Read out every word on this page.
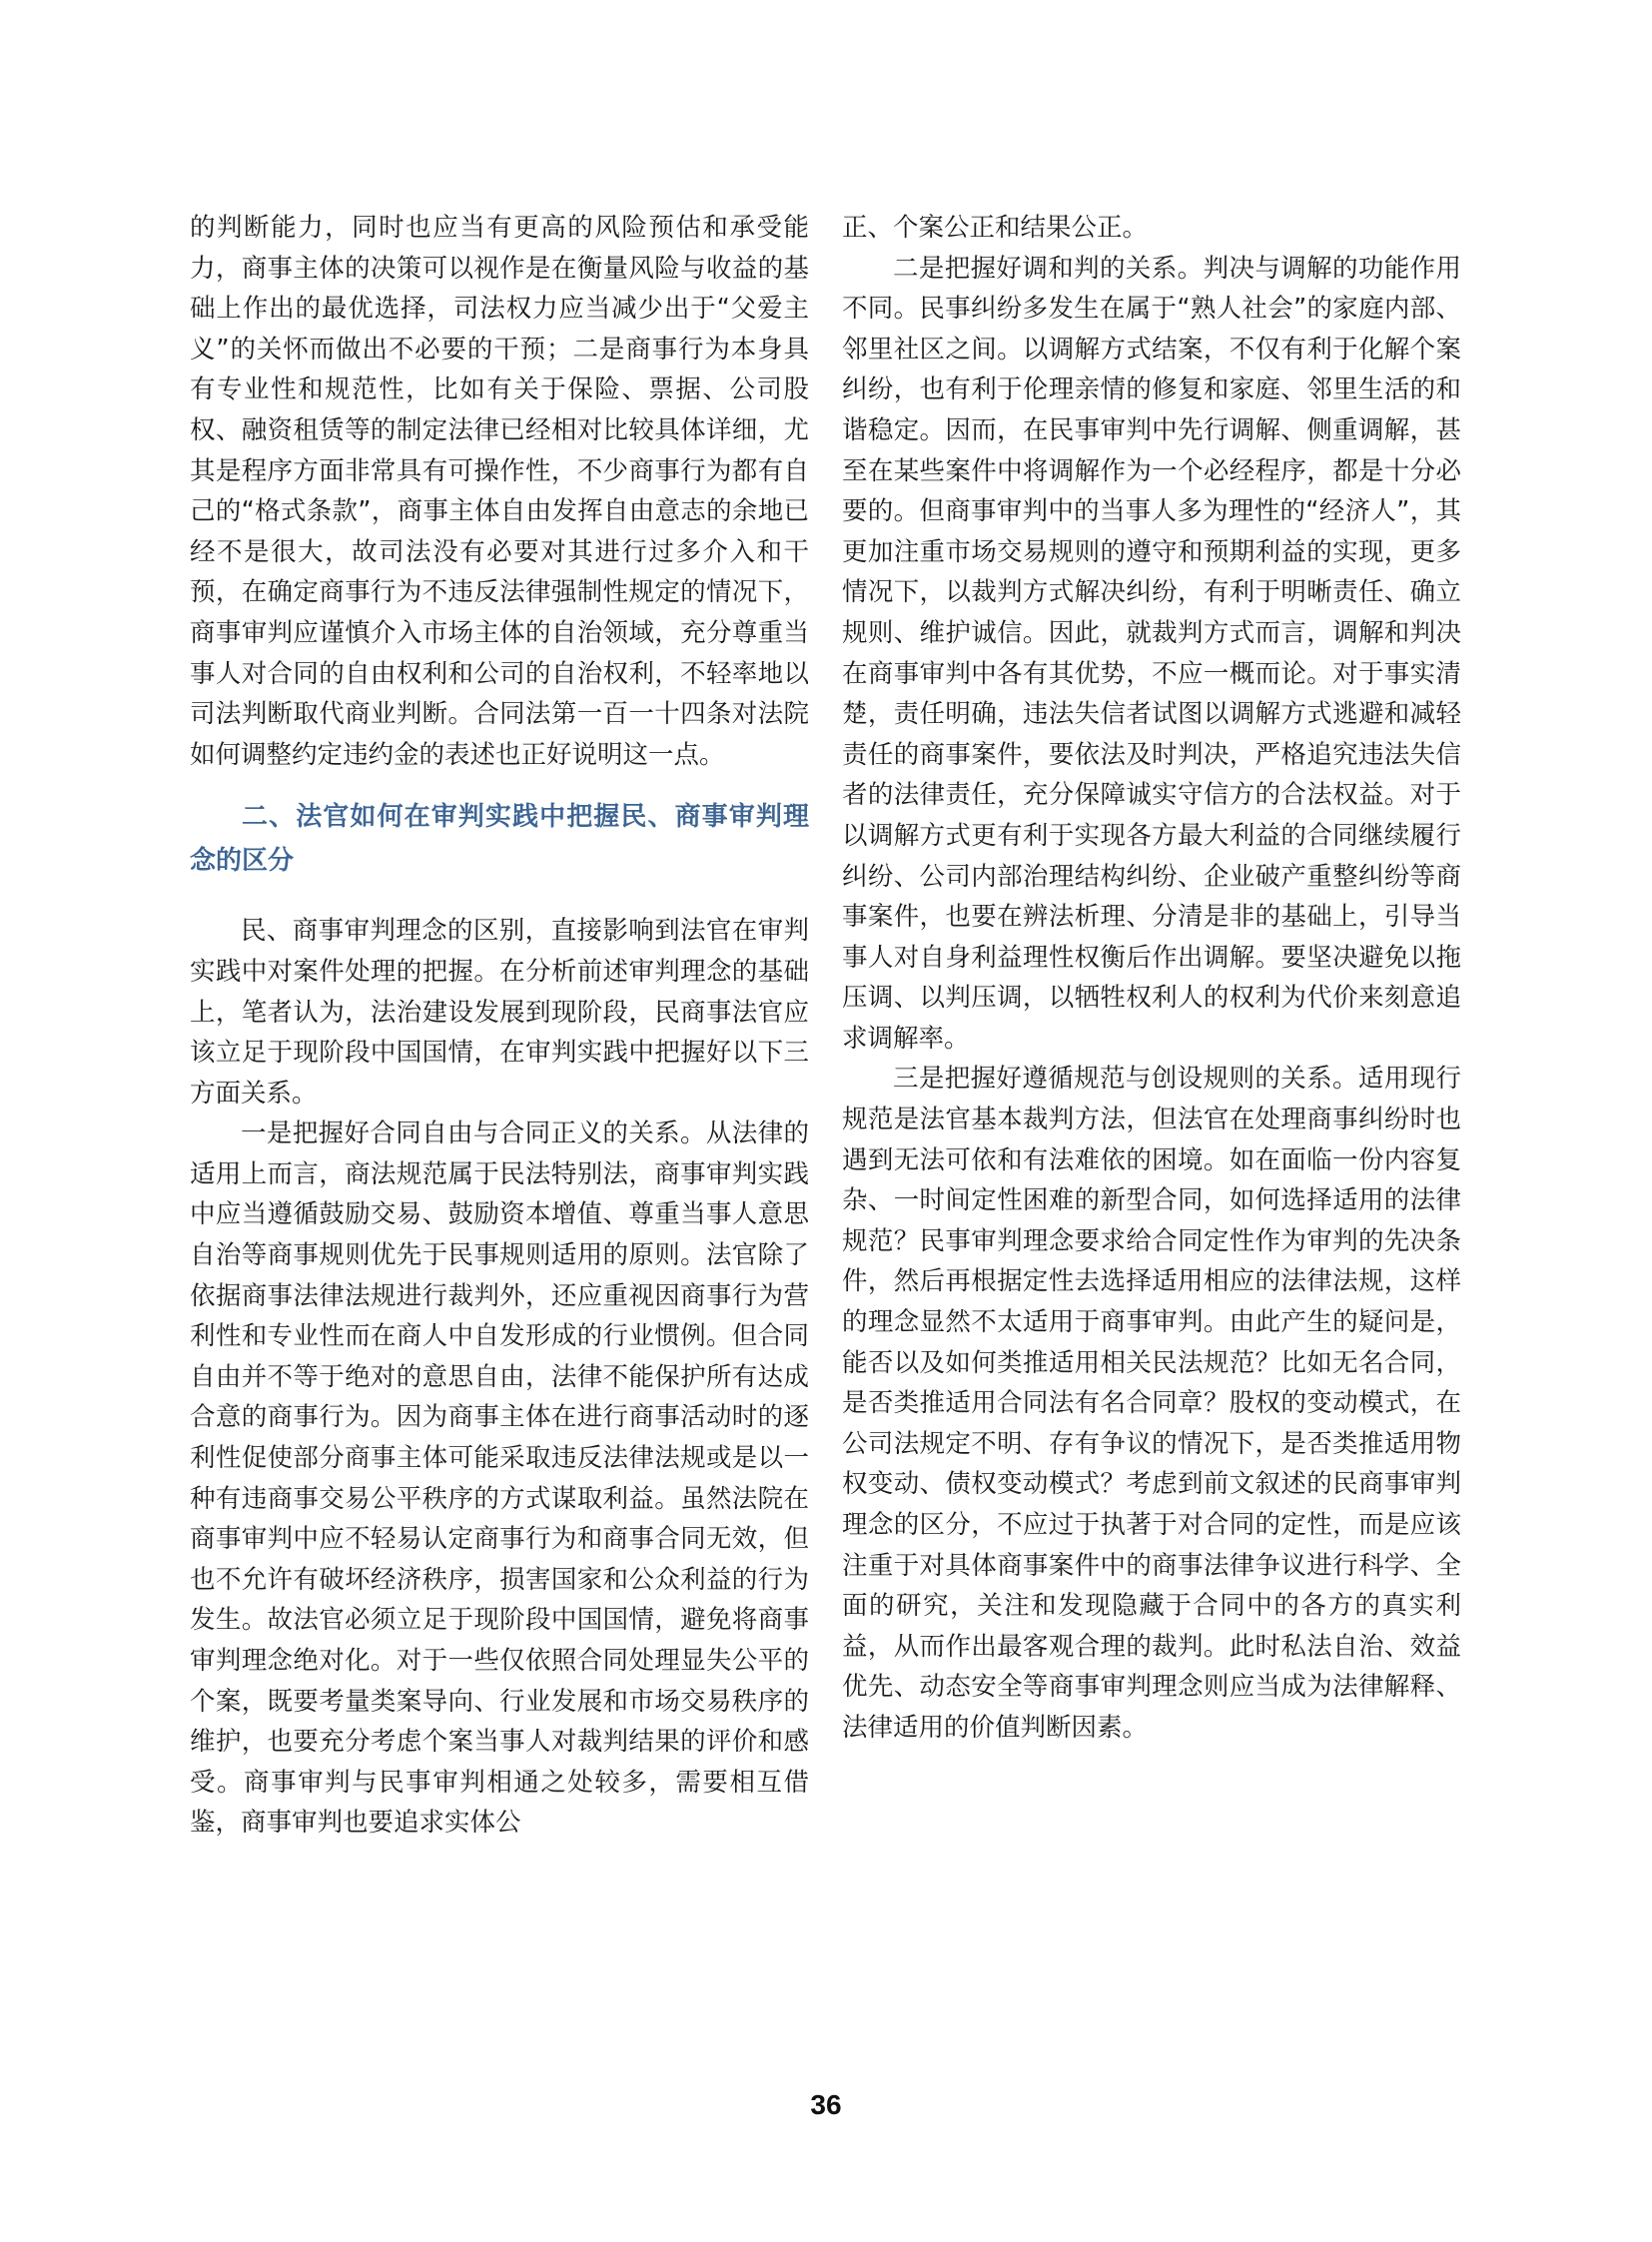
的判断能力，同时也应当有更高的风险预估和承受能力，商事主体的决策可以视作是在衡量风险与收益的基础上作出的最优选择，司法权力应当减少出于“父爱主义”的关怀而做出不必要的干预；二是商事行为本身具有专业性和规范性，比如有关于保险、票据、公司股权、融资租赁等的制定法律已经相对比较具体详细，尤其是程序方面非常具有可操作性，不少商事行为都有自己的“格式条款”，商事主体自由发挥自由意志的余地已经不是很大，故司法没有必要对其进行过多介入和干预，在确定商事行为不违反法律强制性规定的情况下，商事审判应谨慎介入市场主体的自治领域，充分尊重当事人对合同的自由权利和公司的自治权利，不轻率地以司法判断取代商业判断。合同法第一百一十四条对法院如何调整约定违约金的表述也正好说明这一点。

二、法官如何在审判实践中把握民、商事审判理念的区分

民、商事审判理念的区别，直接影响到法官在审判实践中对案件处理的把握。在分析前述审判理念的基础上，笔者认为，法治建设发展到现阶段，民商事法官应该立足于现阶段中国国情，在审判实践中把握好以下三方面关系。

一是把握好合同自由与合同正义的关系。从法律的适用上而言，商法规范属于民法特别法，商事审判实践中应当遵循鼓励交易、鼓励资本增值、尊重当事人意思自治等商事规则优先于民事规则适用的原则。法官除了依据商事法律法规进行裁判外，还应重视因商事行为营利性和专业性而在商人中自发形成的行业惯例。但合同自由并不等于绝对的意思自由，法律不能保护所有达成合意的商事行为。因为商事主体在进行商事活动时的逐利性促使部分商事主体可能采取违反法律法规或是以一种有违商事交易公平秩序的方式谋取利益。虽然法院在商事审判中应不轻易认定商事行为和商事合同无效，但也不允许有破坏经济秩序，损害国家和公众利益的行为发生。故法官必须立足于现阶段中国国情，避免将商事审判理念绝对化。对于一些仅依照合同处理显失公平的个案，既要考量类案导向、行业发展和市场交易秩序的维护，也要充分考虑个案当事人对裁判结果的评价和感受。商事审判与民事审判相通之处较多，需要相互借鉴，商事审判也要追求实体公

正、个案公正和结果公正。

二是把握好调和判的关系。判决与调解的功能作用不同。民事纠纷多发生在属于“熟人社会”的家庭内部、邻里社区之间。以调解方式结案，不仅有利于化解个案纠纷，也有利于伦理亲情的修复和家庭、邻里生活的和谐稳定。因而，在民事审判中先行调解、侧重调解，甚至在某些案件中将调解作为一个必经程序，都是十分必要的。但商事审判中的当事人多为理性的“经济人”，其更加注重市场交易规则的遵守和预期利益的实现，更多情况下，以裁判方式解决纠纷，有利于明晰责任、确立规则、维护诚信。因此，就裁判方式而言，调解和判决在商事审判中各有其优势，不应一概而论。对于事实清楚，责任明确，违法失信者试图以调解方式逃避和减轻责任的商事案件，要依法及时判决，严格追究违法失信者的法律责任，充分保障诚实守信方的合法权益。对于以调解方式更有利于实现各方最大利益的合同继续履行纠纷、公司内部治理结构纠纷、企业破产重整纠纷等商事案件，也要在辨法析理、分清是非的基础上，引导当事人对自身利益理性权衡后作出调解。要坚决避免以拖压调、以判压调，以牺牲权利人的权利为代价来刻意追求调解率。

三是把握好遵循规范与创设规则的关系。适用现行规范是法官基本裁判方法，但法官在处理商事纠纷时也遇到无法可依和有法难依的困境。如在面临一份内容复杂、一时间定性困难的新型合同，如何选择适用的法律规范？民事审判理念要求给合同定性作为审判的先决条件，然后再根据定性去选择适用相应的法律法规，这样的理念显然不太适用于商事审判。由此产生的疑问是，能否以及如何类推适用相关民法规范？比如无名合同，是否类推适用合同法有名合同章？股权的变动模式，在公司法规定不明、存有争议的情况下，是否类推适用物权变动、债权变动模式？考虑到前文叙述的民商事审判理念的区分，不应过于执著于对合同的定性，而是应该注重于对具体商事案件中的商事法律争议进行科学、全面的研究，关注和发现隐藏于合同中的各方的真实利益，从而作出最客观合理的裁判。此时私法自治、效益优先、动态安全等商事审判理念则应当成为法律解释、法律适用的价值判断因素。

36
